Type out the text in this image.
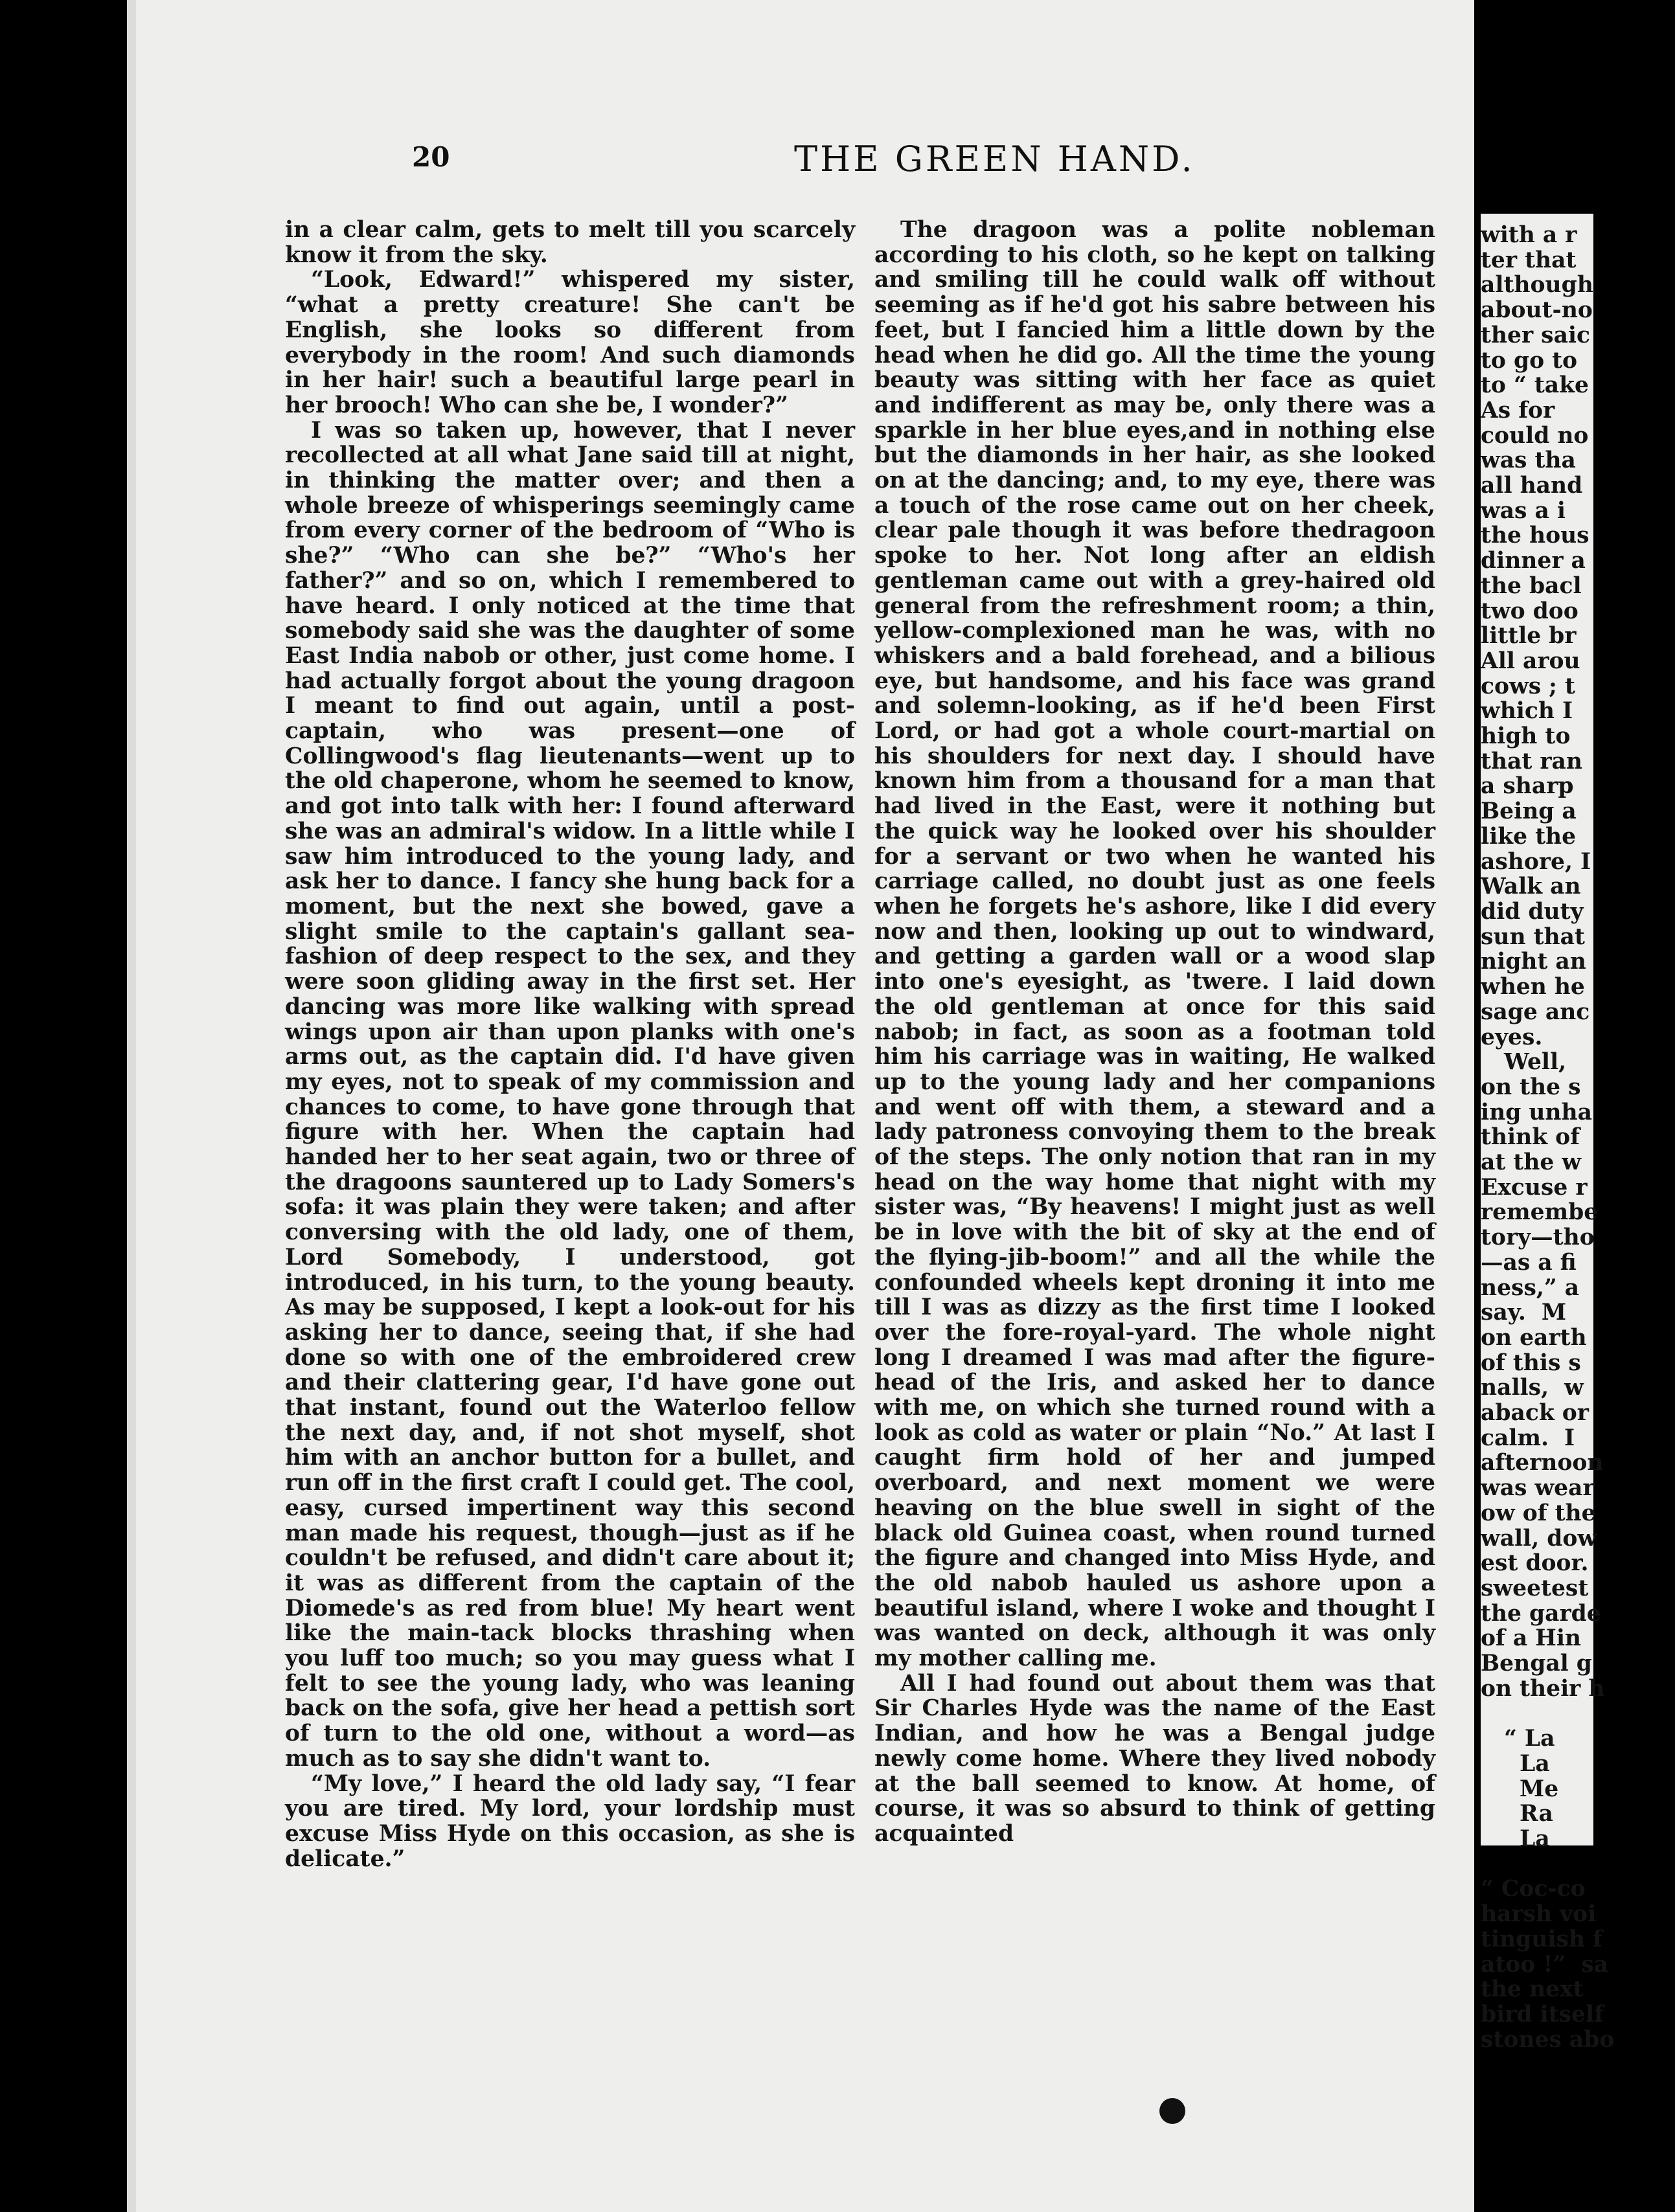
20	THE GREEN HAND.

in a clear calm, gets to melt till you scarcely know it from the sky.

“Look, Edward!” whispered my sister, “what a pretty creature! She can't be English, she looks so different from everybody in the room! And such diamonds in her hair! such a beautiful large pearl in her brooch! Who can she be, I wonder?”

I was so taken up, however, that I never recollected at all what Jane said till at night, in thinking the matter over; and then a whole breeze of whisperings seemingly came from every corner of the bedroom of “Who is she?” “Who can she be?” “Who's her father?” and so on, which I remembered to have heard. I only noticed at the time that somebody said she was the daughter of some East India nabob or other, just come home. I had actually forgot about the young dragoon I meant to find out again, until a post-captain, who was present—one of Collingwood's flag lieutenants—went up to the old chaperone, whom he seemed to know, and got into talk with her: I found afterward she was an admiral's widow. In a little while I saw him introduced to the young lady, and ask her to dance. I fancy she hung back for a moment, but the next she bowed, gave a slight smile to the captain's gallant sea-fashion of deep respect to the sex, and they were soon gliding away in the first set. Her dancing was more like walking with spread wings upon air than upon planks with one's arms out, as the captain did. I'd have given my eyes, not to speak of my commission and chances to come, to have gone through that figure with her. When the captain had handed her to her seat again, two or three of the dragoons sauntered up to Lady Somers's sofa: it was plain they were taken; and after conversing with the old lady, one of them, Lord Somebody, I understood, got introduced, in his turn, to the young beauty. As may be supposed, I kept a look-out for his asking her to dance, seeing that, if she had done so with one of the embroidered crew and their clattering gear, I'd have gone out that instant, found out the Waterloo fellow the next day, and, if not shot myself, shot him with an anchor button for a bullet, and run off in the first craft I could get. The cool, easy, cursed impertinent way this second man made his request, though—just as if he couldn't be refused, and didn't care about it; it was as different from the captain of the Diomede's as red from blue! My heart went like the main-tack blocks thrashing when you luff too much; so you may guess what I felt to see the young lady, who was leaning back on the sofa, give her head a pettish sort of turn to the old one, without a word—as much as to say she didn't want to.

“My love,” I heard the old lady say, “I fear you are tired. My lord, your lordship must excuse Miss Hyde on this occasion, as she is delicate.”

The dragoon was a polite nobleman according to his cloth, so he kept on talking and smiling till he could walk off without seeming as if he'd got his sabre between his feet, but I fancied him a little down by the head when he did go. All the time the young beauty was sitting with her face as quiet and indifferent as may be, only there was a sparkle in her blue eyes,and in nothing else but the diamonds in her hair, as she looked on at the dancing; and, to my eye, there was a touch of the rose came out on her cheek, clear pale though it was before thedragoon spoke to her. Not long after an eldish gentleman came out with a grey-haired old general from the refreshment room; a thin, yellow-complexioned man he was, with no whiskers and a bald forehead, and a bilious eye, but handsome, and his face was grand and solemn-looking, as if he'd been First Lord, or had got a whole court-martial on his shoulders for next day. I should have known him from a thousand for a man that had lived in the East, were it nothing but the quick way he looked over his shoulder for a servant or two when he wanted his carriage called, no doubt just as one feels when he forgets he's ashore, like I did every now and then, looking up out to windward, and getting a garden wall or a wood slap into one's eyesight, as 'twere. I laid down the old gentleman at once for this said nabob; in fact, as soon as a footman told him his carriage was in waiting, He walked up to the young lady and her companions and went off with them, a steward and a lady patroness convoying them to the break of the steps. The only notion that ran in my head on the way home that night with my sister was, “By heavens! I might just as well be in love with the bit of sky at the end of the flying-jib-boom!” and all the while the confounded wheels kept droning it into me till I was as dizzy as the first time I looked over the fore-royal-yard. The whole night long I dreamed I was mad after the figure-head of the Iris, and asked her to dance with me, on which she turned round with a look as cold as water or plain “No.” At last I caught firm hold of her and jumped overboard, and next moment we were heaving on the blue swell in sight of the black old Guinea coast, when round turned the figure and changed into Miss Hyde, and the old nabob hauled us ashore upon a beautiful island, where I woke and thought I was wanted on deck, although it was only my mother calling me.

All I had found out about them was that Sir Charles Hyde was the name of the East Indian, and how he was a Bengal judge newly come home. Where they lived nobody at the ball seemed to know. At home, of course, it was so absurd to think of getting acquainted

with a r
ter that
although
about-no
ther saic
to go to
to “ take
As for
could no
was tha
all hand
was a i
the hous
dinner a
the bacl
two doo
little br
All arou
cows ; t
which I
high to
that ran
a sharp
Being a
like the
ashore, I
Walk an
did duty
sun that
night an
when he
sage anc
eyes.
Well,
on the s
ing unha
think of
at the w
Excuse r
remembe
tory—tho
—as a fi
ness,” a
say.  M
on earth
of this s
nalls,  w
aback or
calm.  I
afternoon
was wear
ow of the
wall, dow
est door.
sweetest
the garde
of a Hin
Bengal g
on their h

“ La
La
Me
Ra
La

“ Coc-co
harsh voi
tinguish f
atoo !”  sa
the next
bird itself
stones abo
